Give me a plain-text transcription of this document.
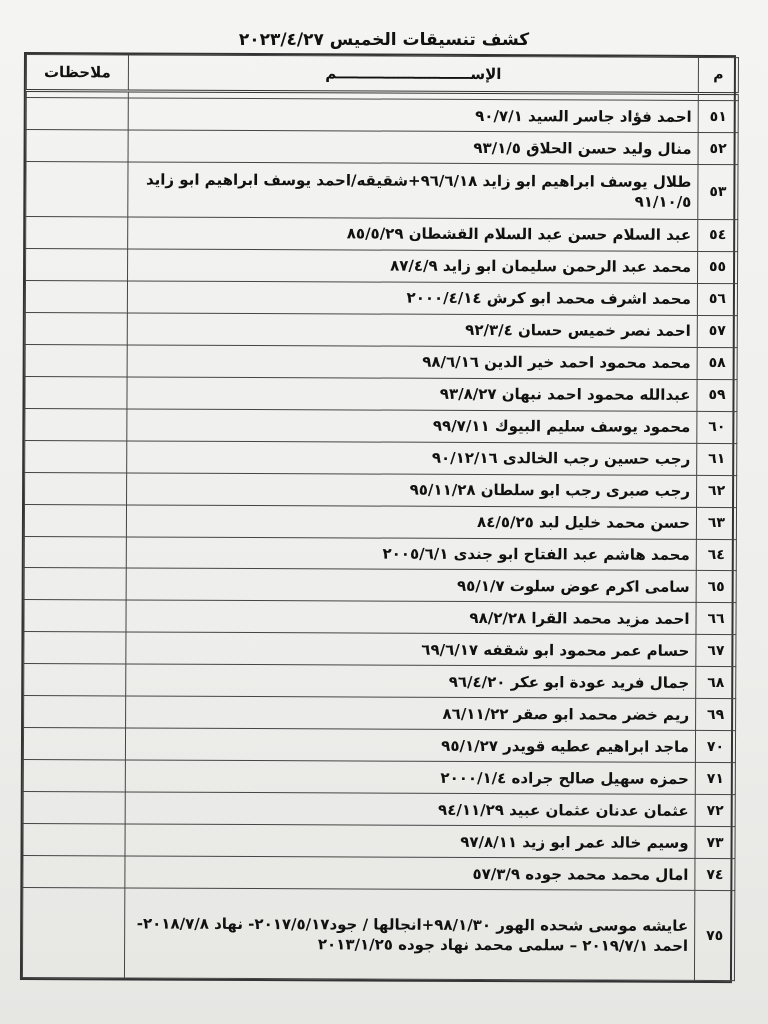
كشف تنسيقات الخميس ٢٠٢٣/٤/٢٧
م	الإســــــــــــــــــــــــــم	ملاحظات

٥١	احمد فؤاد جاسر السيد ٩٠/٧/١	
٥٢	منال وليد حسن الحلاق ٩٣/١/٥	
٥٣	طلال يوسف ابراهيم ابو زايد ٩٦/٦/١٨+شقيقه/احمد يوسف ابراهيم ابو زايد ٩١/١٠/٥	
٥٤	عبد السلام حسن عبد السلام القشطان ٨٥/٥/٢٩	
٥٥	محمد عبد الرحمن سليمان ابو زايد ٨٧/٤/٩	
٥٦	محمد اشرف محمد ابو كرش ٢٠٠٠/٤/١٤	
٥٧	احمد نصر خميس حسان ٩٢/٣/٤	
٥٨	محمد محمود احمد خير الدين ٩٨/٦/١٦	
٥٩	عبدالله محمود احمد نبهان ٩٣/٨/٢٧	
٦٠	محمود يوسف سليم البيوك ٩٩/٧/١١	
٦١	رجب حسين رجب الخالدى ٩٠/١٢/١٦	
٦٢	رجب صبرى رجب ابو سلطان ٩٥/١١/٢٨	
٦٣	حسن محمد خليل لبد ٨٤/٥/٢٥	
٦٤	محمد هاشم عبد الفتاح ابو جندى ٢٠٠٥/٦/١	
٦٥	سامى اكرم عوض سلوت ٩٥/١/٧	
٦٦	احمد مزيد محمد القرا ٩٨/٢/٢٨	
٦٧	حسام عمر محمود ابو شقفه ٦٩/٦/١٧	
٦٨	جمال فريد عودة ابو عكر ٩٦/٤/٢٠	
٦٩	ريم خضر محمد ابو صقر ٨٦/١١/٢٢	
٧٠	ماجد ابراهيم عطيه قويدر ٩٥/١/٢٧	
٧١	حمزه سهيل صالح جراده ٢٠٠٠/١/٤	
٧٢	عثمان عدنان عثمان عبيد ٩٤/١١/٢٩	
٧٣	وسيم خالد عمر ابو زيد ٩٧/٨/١١	
٧٤	امال محمد محمد جوده ٥٧/٣/٩	
٧٥	عايشه موسى شحده الهور ٩٨/١/٣٠+انجالها / جود٢٠١٧/٥/١٧- نهاد ٢٠١٨/٧/٨- احمد ٢٠١٩/٧/١ – سلمى محمد نهاد جوده ٢٠١٣/١/٢٥	
